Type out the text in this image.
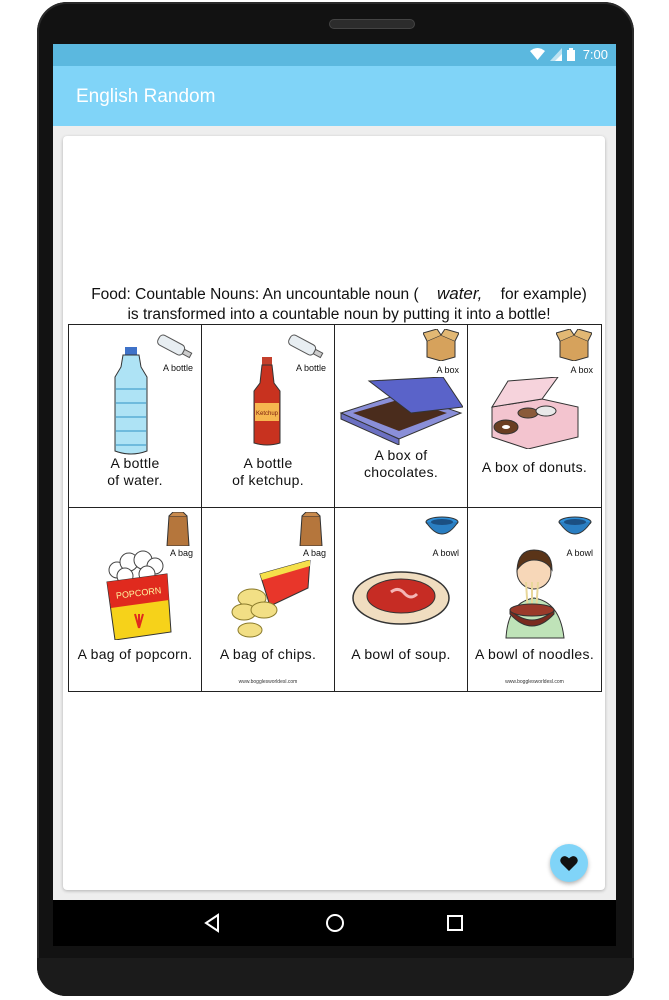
7:00
English Random
Food: Countable Nouns: An uncountable noun ( water, for example)
is transformed into a countable noun by putting it into a bottle!
A bottle
A bottle
of water.
A bottle
Ketchup
A bottle
of ketchup.
A box
A box of
chocolates.
A box
A box of donuts.
A bag
POPCORN
A bag of popcorn.
A bag
A bag of chips.
www.bogglesworldesl.com
A bowl
A bowl of soup.
A bowl
A bowl of noodles.
www.bogglesworldesl.com
